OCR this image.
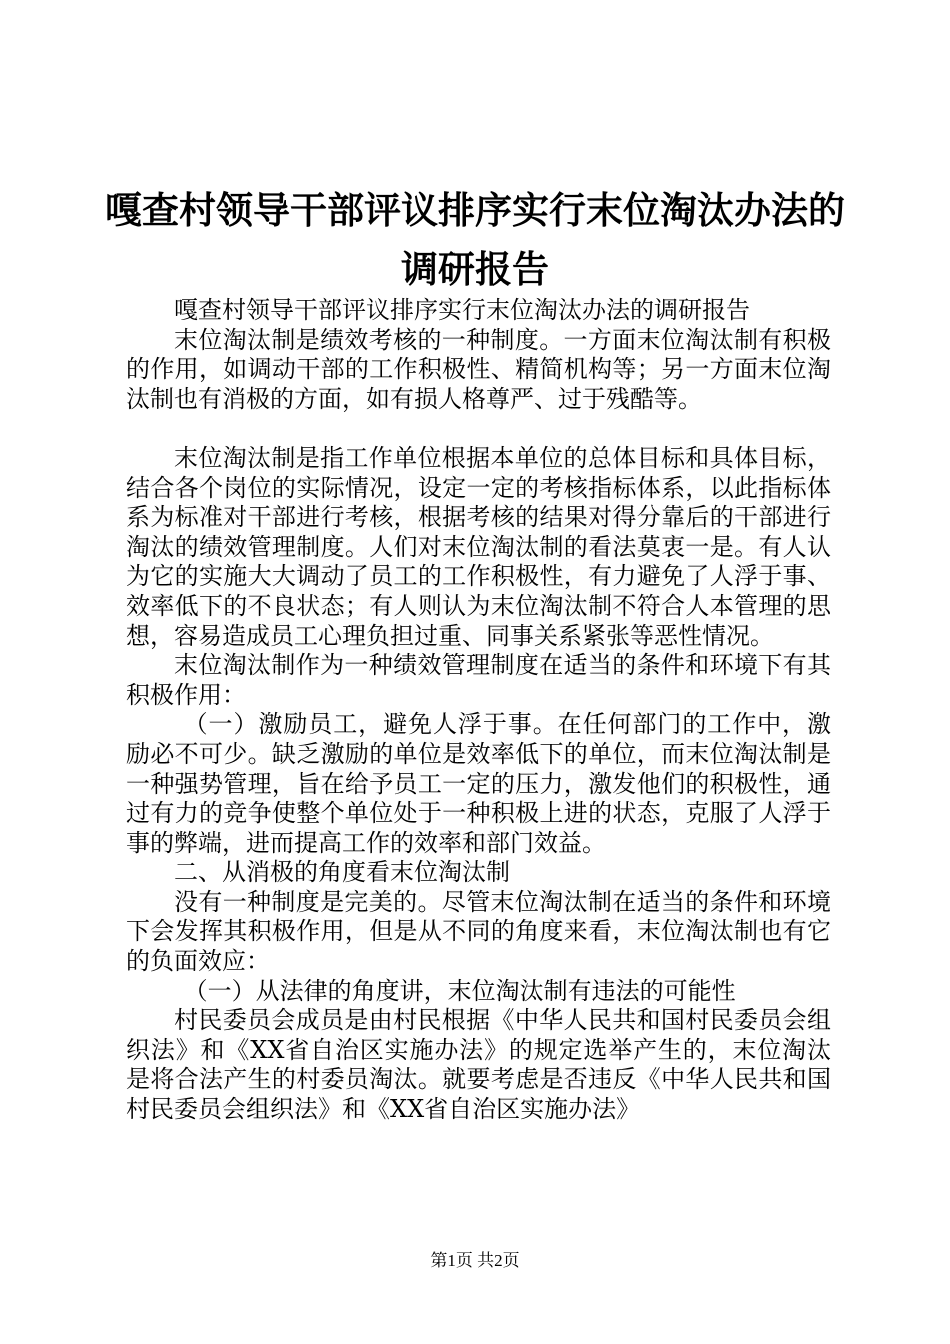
嘎查村领导干部评议排序实行末位淘汰办法的
调研报告

嘎查村领导干部评议排序实行末位淘汰办法的调研报告

末位淘汰制是绩效考核的一种制度。一方面末位淘汰制有积极的作用，如调动干部的工作积极性、精简机构等；另一方面末位淘汰制也有消极的方面，如有损人格尊严、过于残酷等。

末位淘汰制是指工作单位根据本单位的总体目标和具体目标，结合各个岗位的实际情况，设定一定的考核指标体系，以此指标体系为标准对干部进行考核，根据考核的结果对得分靠后的干部进行淘汰的绩效管理制度。人们对末位淘汰制的看法莫衷一是。有人认为它的实施大大调动了员工的工作积极性，有力避免了人浮于事、效率低下的不良状态；有人则认为末位淘汰制不符合人本管理的思想，容易造成员工心理负担过重、同事关系紧张等恶性情况。

末位淘汰制作为一种绩效管理制度在适当的条件和环境下有其积极作用：

（一）激励员工，避免人浮于事。在任何部门的工作中，激励必不可少。缺乏激励的单位是效率低下的单位，而末位淘汰制是一种强势管理，旨在给予员工一定的压力，激发他们的积极性，通过有力的竞争使整个单位处于一种积极上进的状态，克服了人浮于事的弊端，进而提高工作的效率和部门效益。

二、从消极的角度看末位淘汰制

没有一种制度是完美的。尽管末位淘汰制在适当的条件和环境下会发挥其积极作用，但是从不同的角度来看，末位淘汰制也有它的负面效应：

（一）从法律的角度讲，末位淘汰制有违法的可能性

村民委员会成员是由村民根据《中华人民共和国村民委员会组织法》和《XX省自治区实施办法》的规定选举产生的，末位淘汰是将合法产生的村委员淘汰。就要考虑是否违反《中华人民共和国村民委员会组织法》和《XX省自治区实施办法》

第1页 共2页
